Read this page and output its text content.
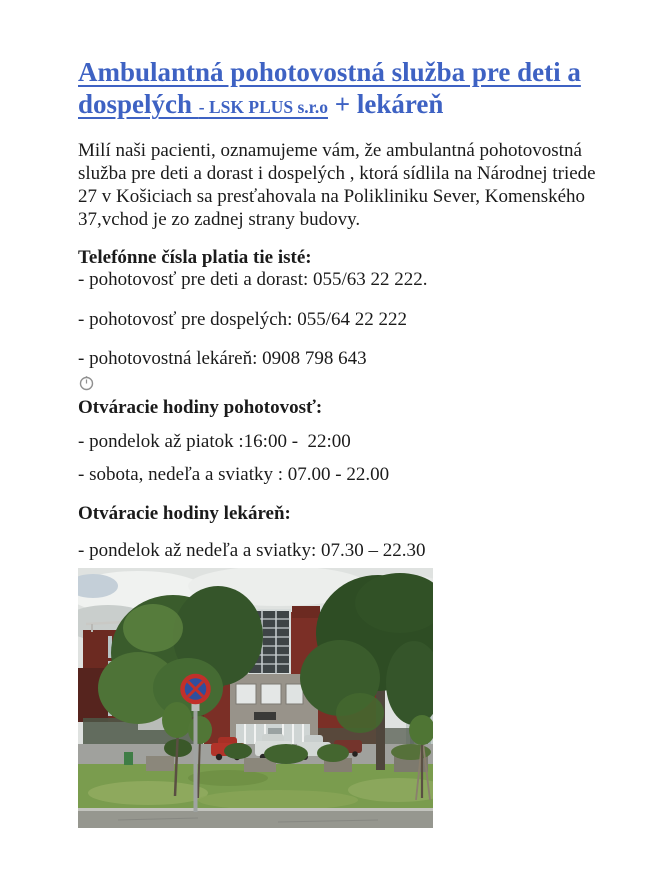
Ambulantná pohotovostná služba pre deti a dospelých - LSK PLUS s.r.o + lekáreň

Milí naši pacienti, oznamujeme vám, že ambulantná pohotovostná služba pre deti a dorast i dospelých , ktorá sídlila na Národnej triede 27 v Košiciach sa presťahovala na Polikliniku Sever, Komenského 37,vchod je zo zadnej strany budovy.

Telefónne čísla platia tie isté:

- pohotovosť pre deti a dorast: 055/63 22 222.

- pohotovosť pre dospelých: 055/64 22 222

- pohotovostná lekáreň: 0908 798 643

Otváracie hodiny pohotovosť:

- pondelok až piatok :16:00 -  22:00

- sobota, nedeľa a sviatky : 07.00 - 22.00

Otváracie hodiny lekáreň:

- pondelok až nedeľa a sviatky: 07.30 – 22.30
